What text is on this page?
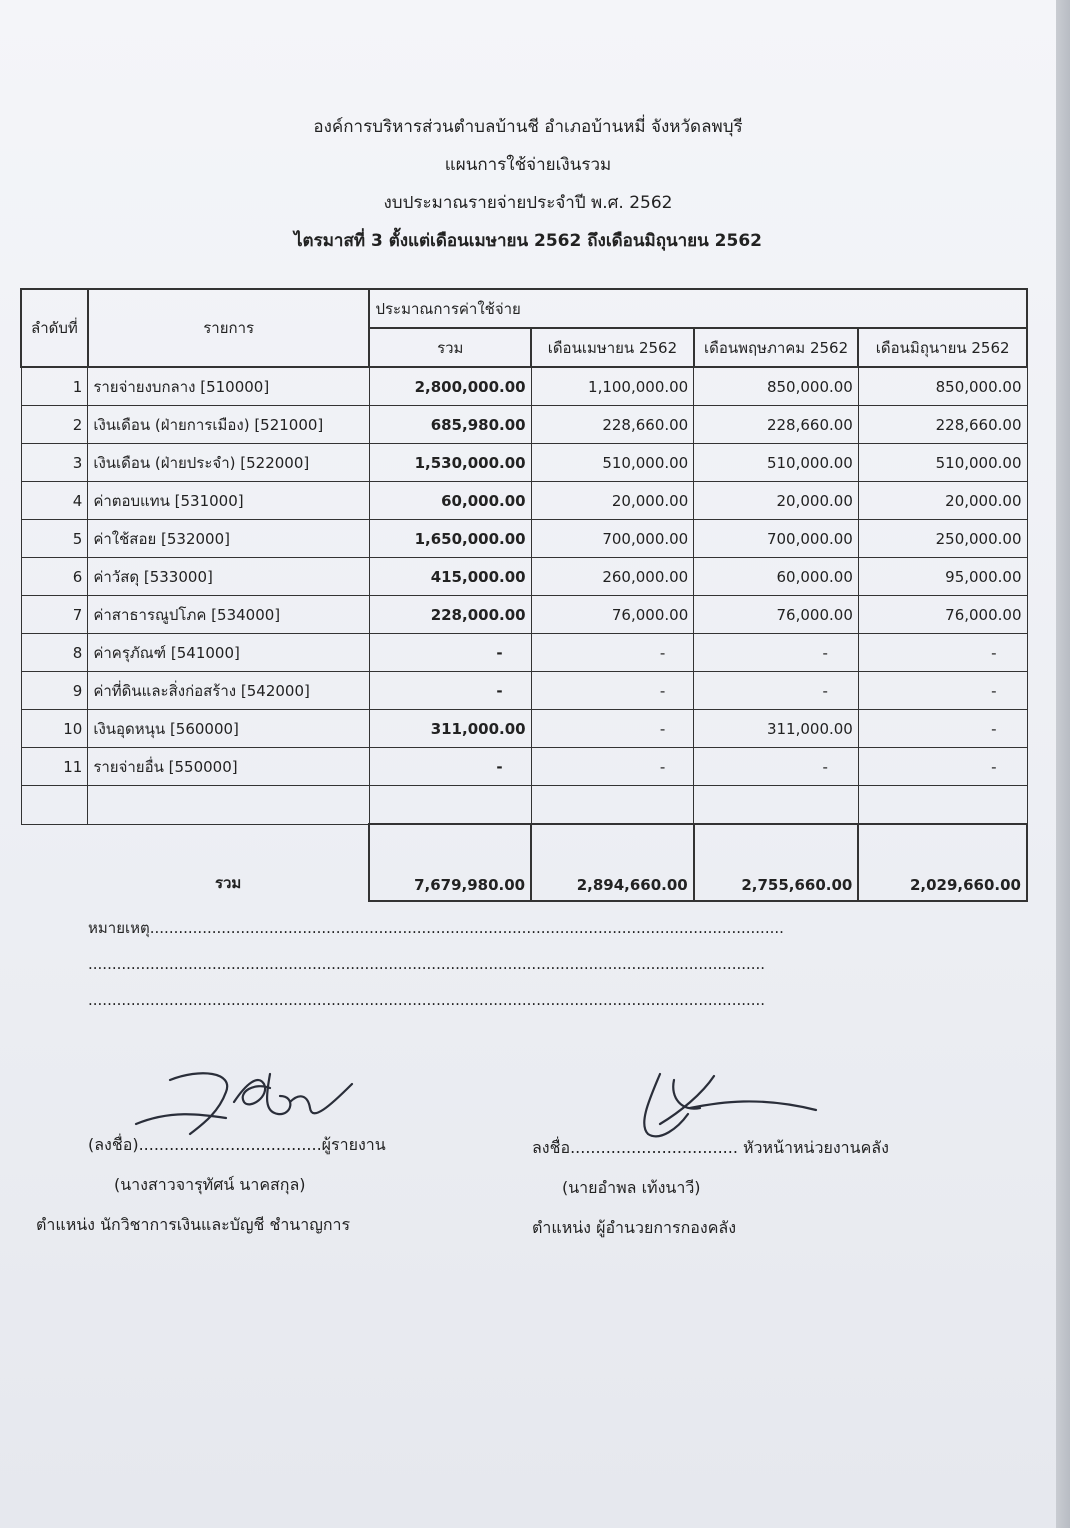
องค์การบริหารส่วนตำบลบ้านชี อำเภอบ้านหมี่ จังหวัดลพบุรี
แผนการใช้จ่ายเงินรวม
งบประมาณรายจ่ายประจำปี พ.ศ. 2562
ไตรมาสที่ 3 ตั้งแต่เดือนเมษายน 2562 ถึงเดือนมิถุนายน 2562
ลำดับที่	รายการ	ประมาณการค่าใช้จ่าย			
		รวม	เดือนเมษายน 2562	เดือนพฤษภาคม 2562	เดือนมิถุนายน 2562
1	รายจ่ายงบกลาง [510000]	2,800,000.00	1,100,000.00	850,000.00	850,000.00
2	เงินเดือน (ฝ่ายการเมือง) [521000]	685,980.00	228,660.00	228,660.00	228,660.00
3	เงินเดือน (ฝ่ายประจำ) [522000]	1,530,000.00	510,000.00	510,000.00	510,000.00
4	ค่าตอบแทน [531000]	60,000.00	20,000.00	20,000.00	20,000.00
5	ค่าใช้สอย [532000]	1,650,000.00	700,000.00	700,000.00	250,000.00
6	ค่าวัสดุ [533000]	415,000.00	260,000.00	60,000.00	95,000.00
7	ค่าสาธารณูปโภค [534000]	228,000.00	76,000.00	76,000.00	76,000.00
8	ค่าครุภัณฑ์ [541000]	-	-	-	-
9	ค่าที่ดินและสิ่งก่อสร้าง [542000]	-	-	-	-
10	เงินอุดหนุน [560000]	311,000.00	-	311,000.00	-
11	รายจ่ายอื่น [550000]	-	-	-	-

	รวม	7,679,980.00	2,894,660.00	2,755,660.00	2,029,660.00
หมายเหตุ.....................................................................................................................................
..............................................................................................................................................
..............................................................................................................................................
(ลงชื่อ)....................................ผู้รายงาน
(นางสาวจารุทัศน์ นาคสกุล)
ตำแหน่ง นักวิชาการเงินและบัญชี ชำนาญการ
ลงชื่อ................................. หัวหน้าหน่วยงานคลัง
(นายอำพล เท้งนาวี)
ตำแหน่ง ผู้อำนวยการกองคลัง
